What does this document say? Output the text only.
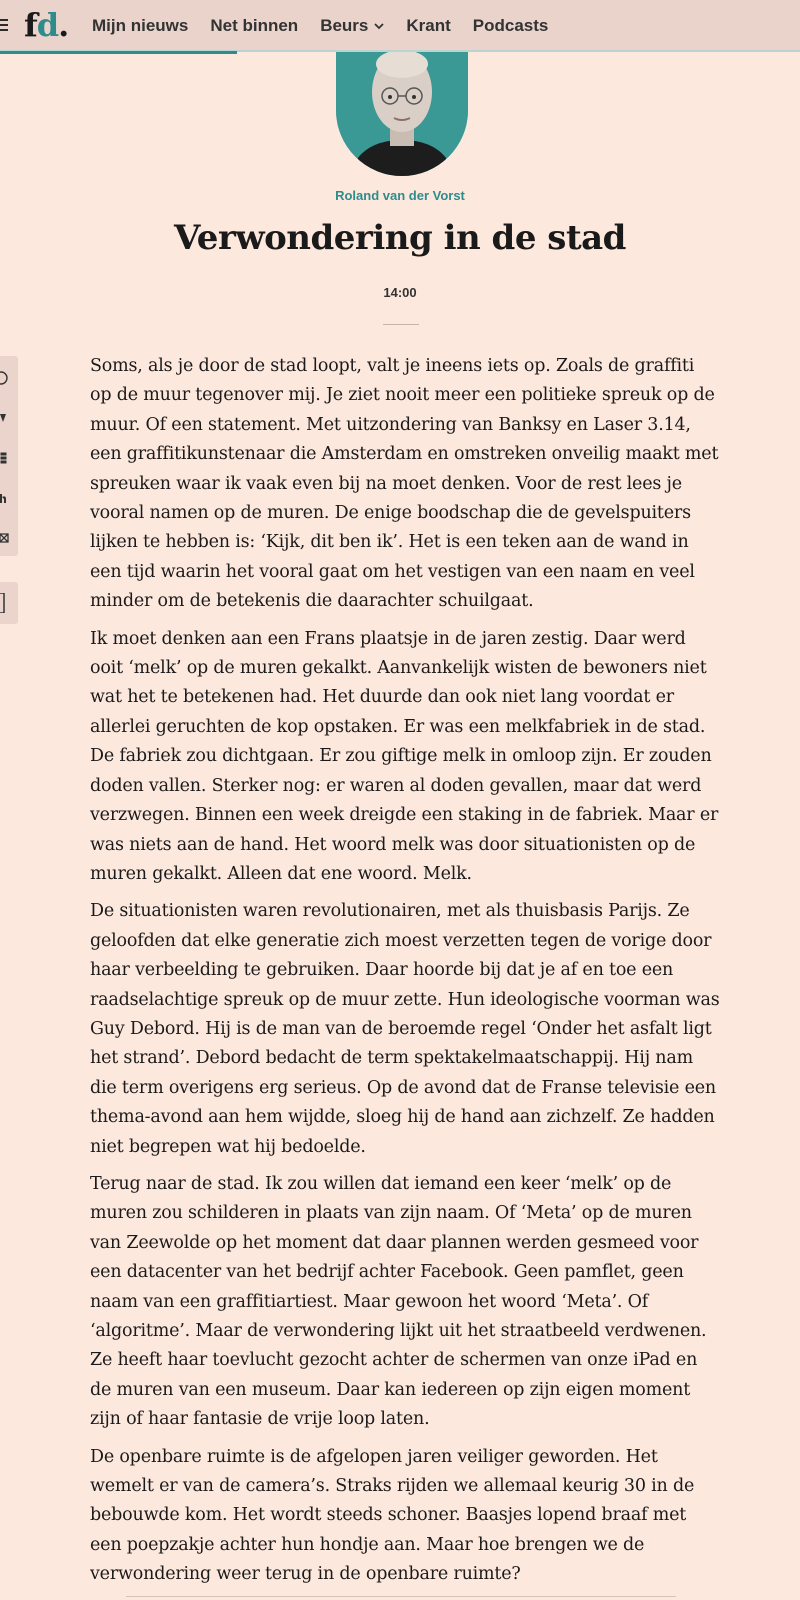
fd. Mijn nieuws Net binnen Beurs Krant Podcasts
Roland van der Vorst
Verwondering in de stad
14:00

Soms, als je door de stad loopt, valt je ineens iets op. Zoals de graffiti op de muur tegenover mij. Je ziet nooit meer een politieke spreuk op de muur. Of een statement. Met uitzondering van Banksy en Laser 3.14, een graffitikunstenaar die Amsterdam en omstreken onveilig maakt met spreuken waar ik vaak even bij na moet denken. Voor de rest lees je vooral namen op de muren. De enige boodschap die de gevelspuiters lijken te hebben is: ‘Kijk, dit ben ik’. Het is een teken aan de wand in een tijd waarin het vooral gaat om het vestigen van een naam en veel minder om de betekenis die daarachter schuilgaat.

Ik moet denken aan een Frans plaatsje in de jaren zestig. Daar werd ooit ‘melk’ op de muren gekalkt. Aanvankelijk wisten de bewoners niet wat het te betekenen had. Het duurde dan ook niet lang voordat er allerlei geruchten de kop opstaken. Er was een melkfabriek in de stad. De fabriek zou dichtgaan. Er zou giftige melk in omloop zijn. Er zouden doden vallen. Sterker nog: er waren al doden gevallen, maar dat werd verzwegen. Binnen een week dreigde een staking in de fabriek. Maar er was niets aan de hand. Het woord melk was door situationisten op de muren gekalkt. Alleen dat ene woord. Melk.

De situationisten waren revolutionairen, met als thuisbasis Parijs. Ze geloofden dat elke generatie zich moest verzetten tegen de vorige door haar verbeelding te gebruiken. Daar hoorde bij dat je af en toe een raadselachtige spreuk op de muur zette. Hun ideologische voorman was Guy Debord. Hij is de man van de beroemde regel ‘Onder het asfalt ligt het strand’. Debord bedacht de term spektakelmaatschappij. Hij nam die term overigens erg serieus. Op de avond dat de Franse televisie een thema-avond aan hem wijdde, sloeg hij de hand aan zichzelf. Ze hadden niet begrepen wat hij bedoelde.

Terug naar de stad. Ik zou willen dat iemand een keer ‘melk’ op de muren zou schilderen in plaats van zijn naam. Of ‘Meta’ op de muren van Zeewolde op het moment dat daar plannen werden gesmeed voor een datacenter van het bedrijf achter Facebook. Geen pamflet, geen naam van een graffitiartiest. Maar gewoon het woord ‘Meta’. Of ‘algoritme’. Maar de verwondering lijkt uit het straatbeeld verdwenen. Ze heeft haar toevlucht gezocht achter de schermen van onze iPad en de muren van een museum. Daar kan iedereen op zijn eigen moment zijn of haar fantasie de vrije loop laten.

De openbare ruimte is de afgelopen jaren veiliger geworden. Het wemelt er van de camera’s. Straks rijden we allemaal keurig 30 in de bebouwde kom. Het wordt steeds schoner. Baasjes lopend braaf met een poepzakje achter hun hondje aan. Maar hoe brengen we de verwondering weer terug in de openbare ruimte?
